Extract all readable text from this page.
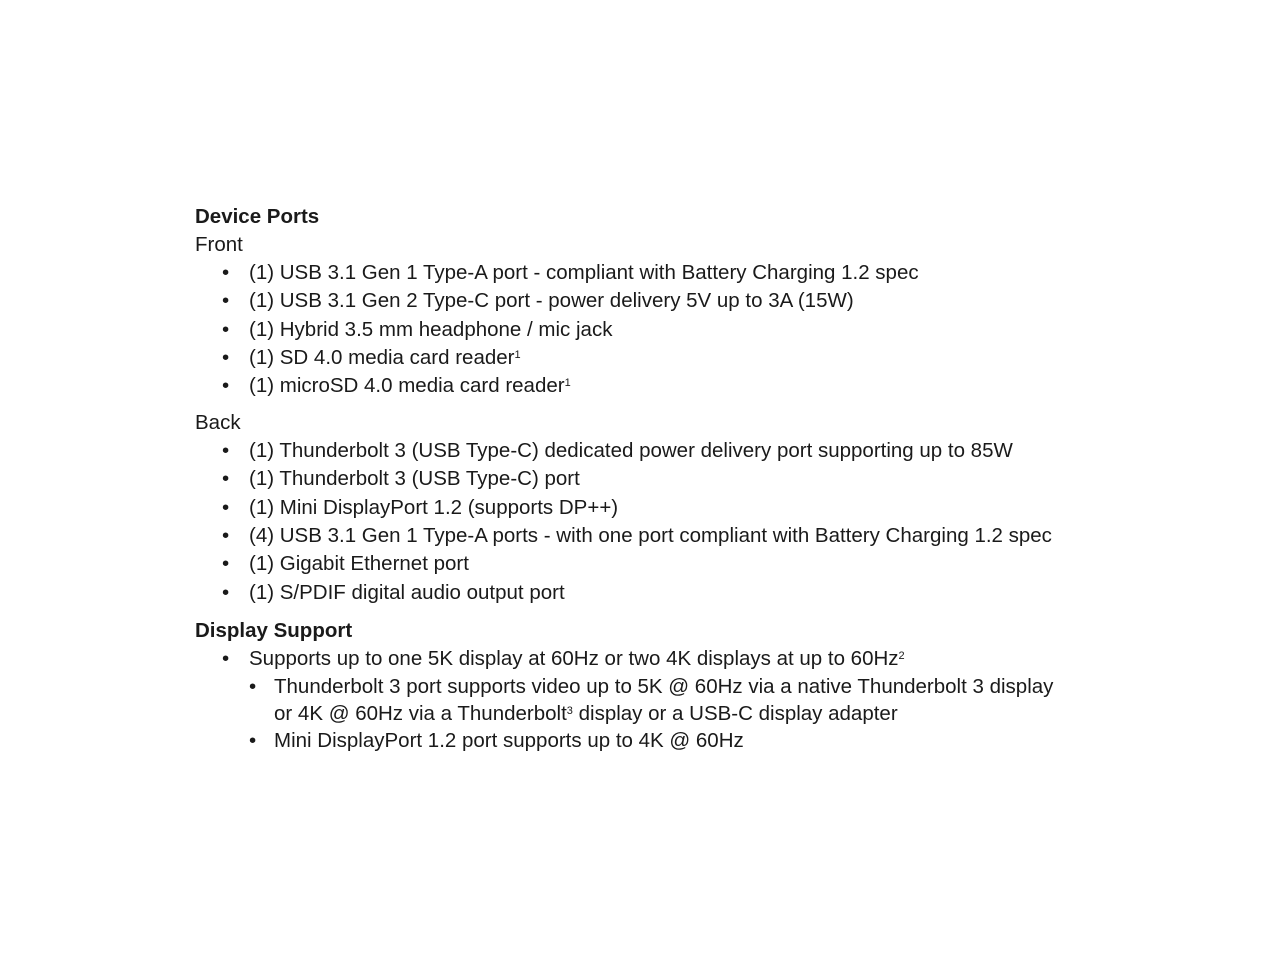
Device Ports
Front
• (1) USB 3.1 Gen 1 Type-A port - compliant with Battery Charging 1.2 spec
• (1) USB 3.1 Gen 2 Type-C port - power delivery 5V up to 3A (15W)
• (1) Hybrid 3.5 mm headphone / mic jack
• (1) SD 4.0 media card reader$^1$
• (1) microSD 4.0 media card reader$^1$
Back
• (1) Thunderbolt 3 (USB Type-C) dedicated power delivery port supporting up to 85W
• (1) Thunderbolt 3 (USB Type-C) port
• (1) Mini DisplayPort 1.2 (supports DP++)
• (4) USB 3.1 Gen 1 Type-A ports - with one port compliant with Battery Charging 1.2 spec
• (1) Gigabit Ethernet port
• (1) S/PDIF digital audio output port
Display Support
• Supports up to one 5K display at 60Hz or two 4K displays at up to 60Hz$^2$
• Thunderbolt 3 port supports video up to 5K @ 60Hz via a native Thunderbolt 3 display
or 4K @ 60Hz via a Thunderbolt$^3$ display or a USB-C display adapter
• Mini DisplayPort 1.2 port supports up to 4K @ 60Hz
